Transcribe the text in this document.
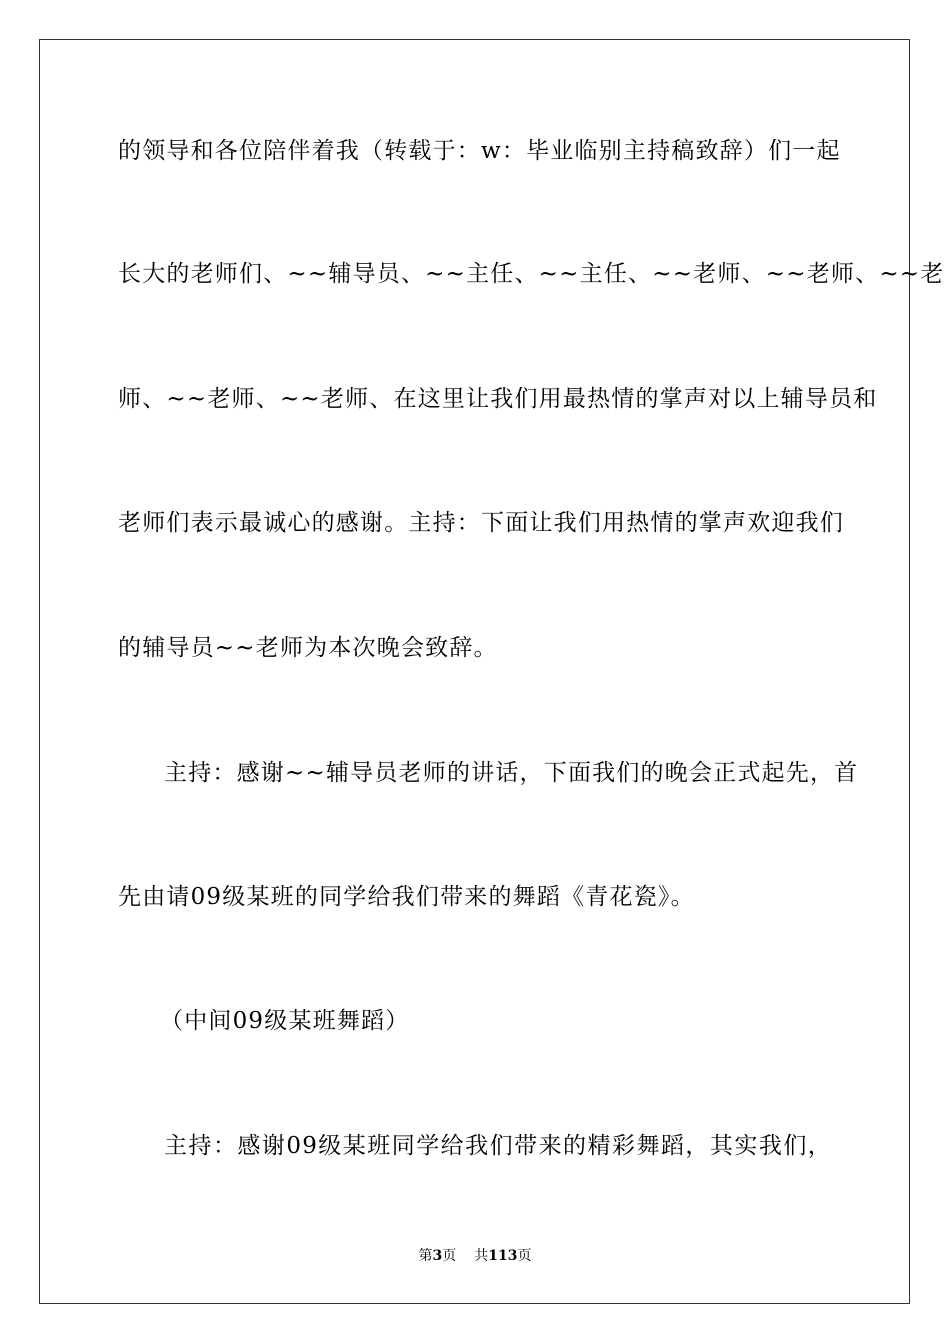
的领导和各位陪伴着我（转载于：w：毕业临别主持稿致辞）们一起
长大的老师们、~~辅导员、~~主任、~~主任、~~老师、~~老师、~~老
师、~~老师、~~老师、在这里让我们用最热情的掌声对以上辅导员和
老师们表示最诚心的感谢。主持：下面让我们用热情的掌声欢迎我们
的辅导员~~老师为本次晚会致辞。
主持：感谢~~辅导员老师的讲话，下面我们的晚会正式起先，首
先由请09级某班的同学给我们带来的舞蹈《青花瓷》。
（中间09级某班舞蹈）
主持：感谢09级某班同学给我们带来的精彩舞蹈，其实我们，
第3页 共113页
